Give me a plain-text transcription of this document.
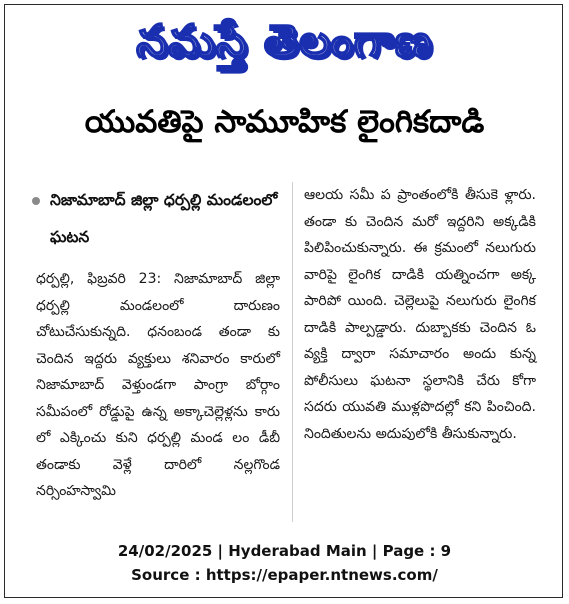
నమస్తే తెలంగాణ
యువతిపై సామూహిక లైంగికదాడి
నిజామాబాద్ జిల్లా ధర్పల్లి మండలంలో ఘటన

ధర్పల్లి, ఫిబ్రవరి 23: నిజామాబాద్ జిల్లా ధర్పల్లి మండలంలో దారుణం చోటుచేసుకున్నది. ధనంబండ తండా కు చెందిన ఇద్దరు వ్యక్తులు శనివారం కారులో నిజామాబాద్ వెళ్తుండగా పాంగ్రా బోర్గాం సమీపంలో రోడ్డుపై ఉన్న అక్కాచెల్లెళ్లను కారు లో ఎక్కించు కుని ధర్పల్లి మండ లం డీబీ తండాకు వెళ్లే దారిలో నల్లగొండ నర్సింహస్వామి

ఆలయ సమీ ప ప్రాంతంలోకి తీసుకె ళ్లారు. తండా కు చెందిన మరో ఇద్దరిని అక్కడికి పిలిపించుకున్నారు. ఈ క్రమంలో నలుగురు వారిపై లైంగిక దాడికి యత్నించగా అక్క పారిపో యింది. చెల్లెలుపై నలుగురు లైంగిక దాడికి పాల్పడ్డారు. దుబ్బాకకు చెందిన ఓ వ్యక్తి ద్వారా సమాచారం అందు కున్న పోలీసులు ఘటనా స్థలానికి చేరు కోగా సదరు యువతి ముళ్లపొదల్లో కని పించింది. నిందితులను అదుపులోకి తీసుకున్నారు.

24/02/2025 | Hyderabad Main | Page : 9
Source : https://epaper.ntnews.com/
